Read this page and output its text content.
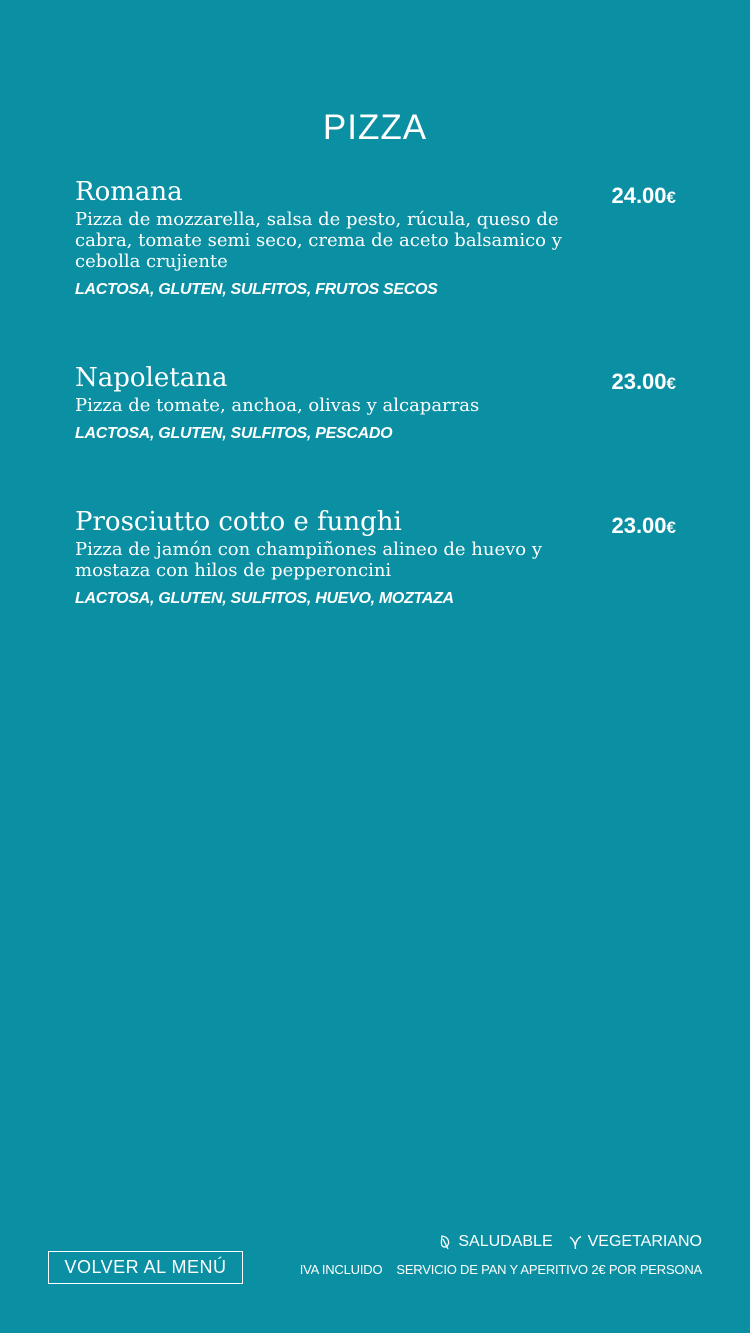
PIZZA
Romana
Pizza de mozzarella, salsa de pesto, rúcula, queso de cabra, tomate semi seco, crema de aceto balsamico y cebolla crujiente
LACTOSA, GLUTEN, SULFITOS, FRUTOS SECOS
24.00€
Napoletana
Pizza de tomate, anchoa, olivas y alcaparras
LACTOSA, GLUTEN, SULFITOS, PESCADO
23.00€
Prosciutto cotto e funghi
Pizza de jamón con champiñones alineo de huevo y mostaza con hilos de pepperoncini
LACTOSA, GLUTEN, SULFITOS, HUEVO, MOZTAZA
23.00€
VOLVER AL MENÚ
SALUDABLE VEGETARIANO
IVA INCLUIDO SERVICIO DE PAN Y APERITIVO 2€ POR PERSONA
